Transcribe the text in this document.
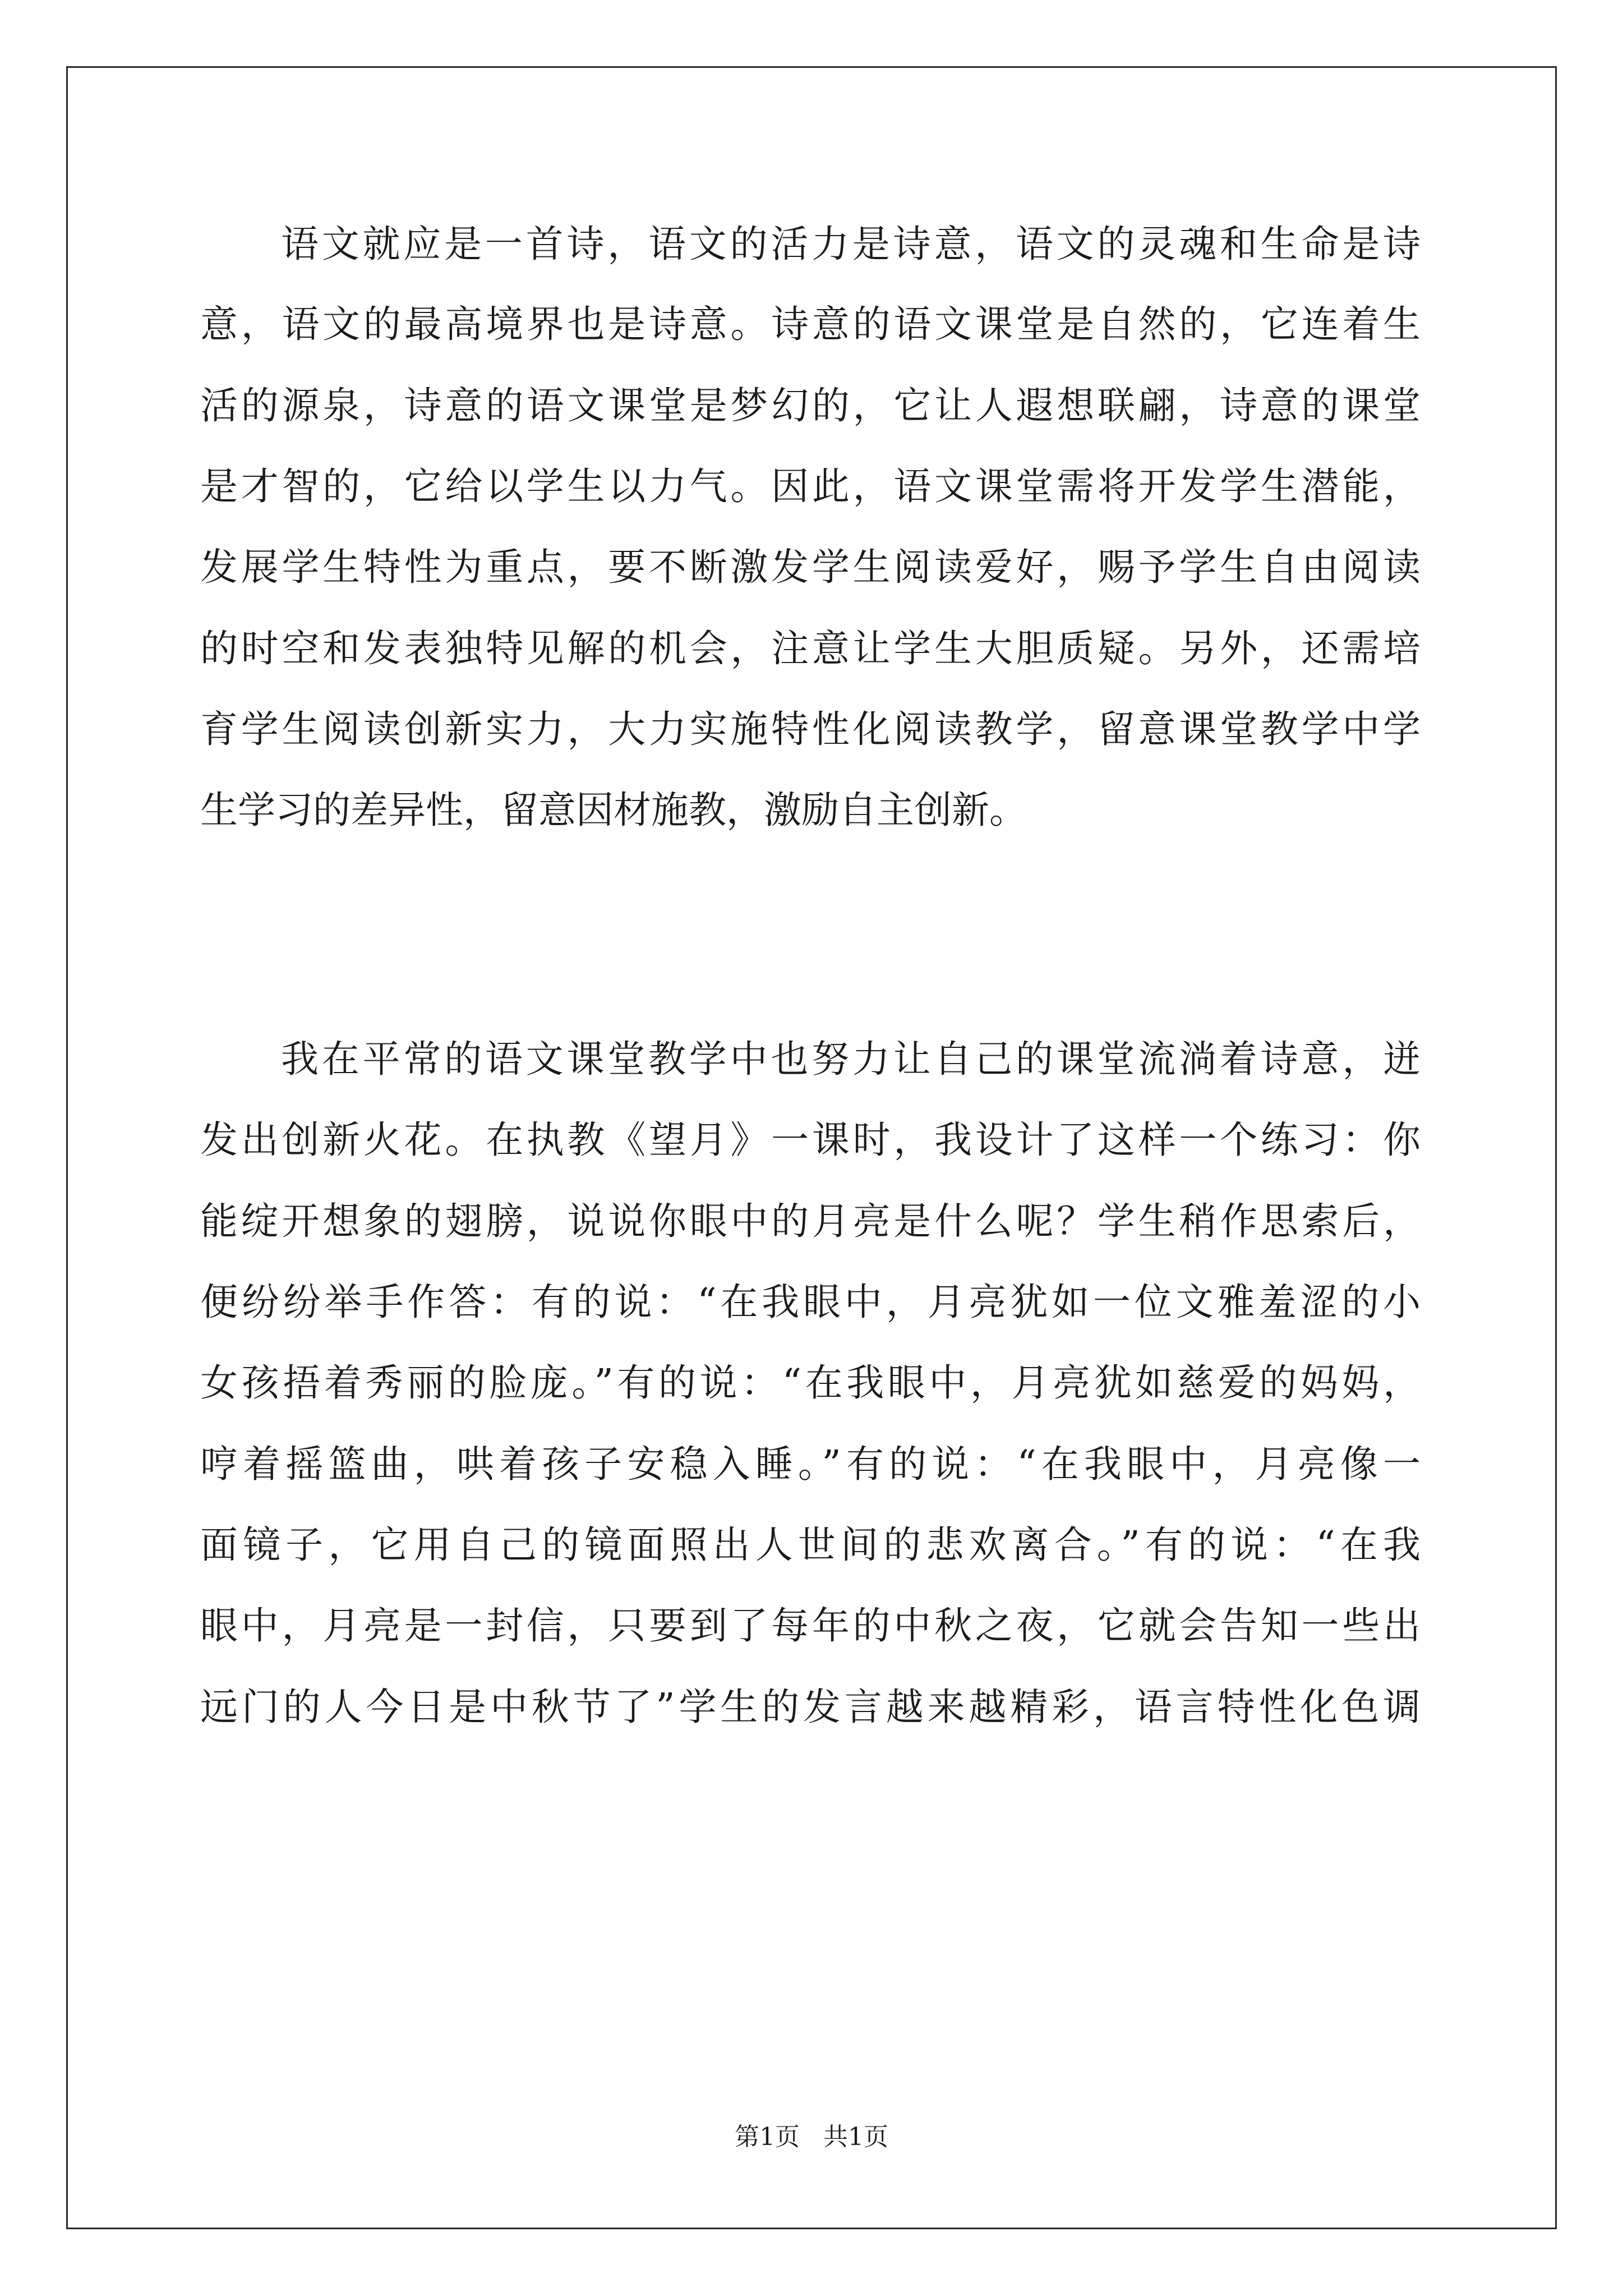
语文就应是一首诗，语文的活力是诗意，语文的灵魂和生命是诗
意，语文的最高境界也是诗意。诗意的语文课堂是自然的，它连着生
活的源泉，诗意的语文课堂是梦幻的，它让人遐想联翩，诗意的课堂
是才智的，它给以学生以力气。因此，语文课堂需将开发学生潜能，
发展学生特性为重点，要不断激发学生阅读爱好，赐予学生自由阅读
的时空和发表独特见解的机会，注意让学生大胆质疑。另外，还需培
育学生阅读创新实力，大力实施特性化阅读教学，留意课堂教学中学
生学习的差异性，留意因材施教，激励自主创新。
我在平常的语文课堂教学中也努力让自己的课堂流淌着诗意，迸
发出创新火花。在执教《望月》一课时，我设计了这样一个练习：你
能绽开想象的翅膀，说说你眼中的月亮是什么呢？学生稍作思索后，
便纷纷举手作答：有的说：“在我眼中，月亮犹如一位文雅羞涩的小
女孩捂着秀丽的脸庞。”有的说：“在我眼中，月亮犹如慈爱的妈妈，
哼着摇篮曲，哄着孩子安稳入睡。”有的说：“在我眼中，月亮像一
面镜子，它用自己的镜面照出人世间的悲欢离合。”有的说：“在我
眼中，月亮是一封信，只要到了每年的中秋之夜，它就会告知一些出
远门的人今日是中秋节了”学生的发言越来越精彩，语言特性化色调
第1页   共1页
